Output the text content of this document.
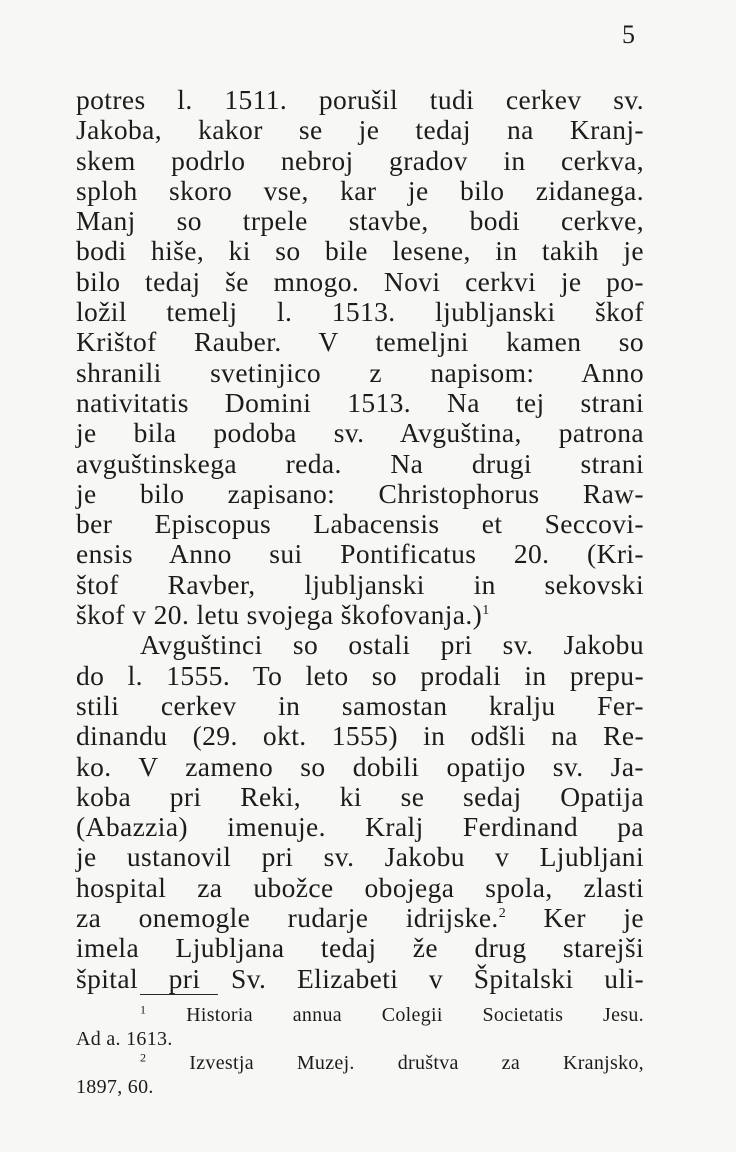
5
potres l. 1511. porušil tudi cerkev sv.
Jakoba, kakor se je tedaj na Kranj-
skem podrlo nebroj gradov in cerkva,
sploh skoro vse, kar je bilo zidanega.
Manj so trpele stavbe, bodi cerkve,
bodi hiše, ki so bile lesene, in takih je
bilo tedaj še mnogo. Novi cerkvi je po-
ložil temelj l. 1513. ljubljanski škof
Krištof Rauber. V temeljni kamen so
shranili svetinjico z napisom: Anno
nativitatis Domini 1513. Na tej strani
je bila podoba sv. Avguština, patrona
avguštinskega reda. Na drugi strani
je bilo zapisano: Christophorus Raw-
ber Episcopus Labacensis et Seccovi-
ensis Anno sui Pontificatus 20. (Kri-
štof Ravber, ljubljanski in sekovski
škof v 20. letu svojega škofovanja.)$^1$
Avguštinci so ostali pri sv. Jakobu
do l. 1555. To leto so prodali in prepu-
stili cerkev in samostan kralju Fer-
dinandu (29. okt. 1555) in odšli na Re-
ko. V zameno so dobili opatijo sv. Ja-
koba pri Reki, ki se sedaj Opatija
(Abazzia) imenuje. Kralj Ferdinand pa
je ustanovil pri sv. Jakobu v Ljubljani
hospital za ubožce obojega spola, zlasti
za onemogle rudarje idrijske.$^2$ Ker je
imela Ljubljana tedaj že drug starejši
špital pri Sv. Elizabeti v Špitalski uli-
$^1$ Historia annua Colegii Societatis Jesu.
Ad a. 1613.
$^2$ Izvestja Muzej. društva za Kranjsko,
1897, 60.
